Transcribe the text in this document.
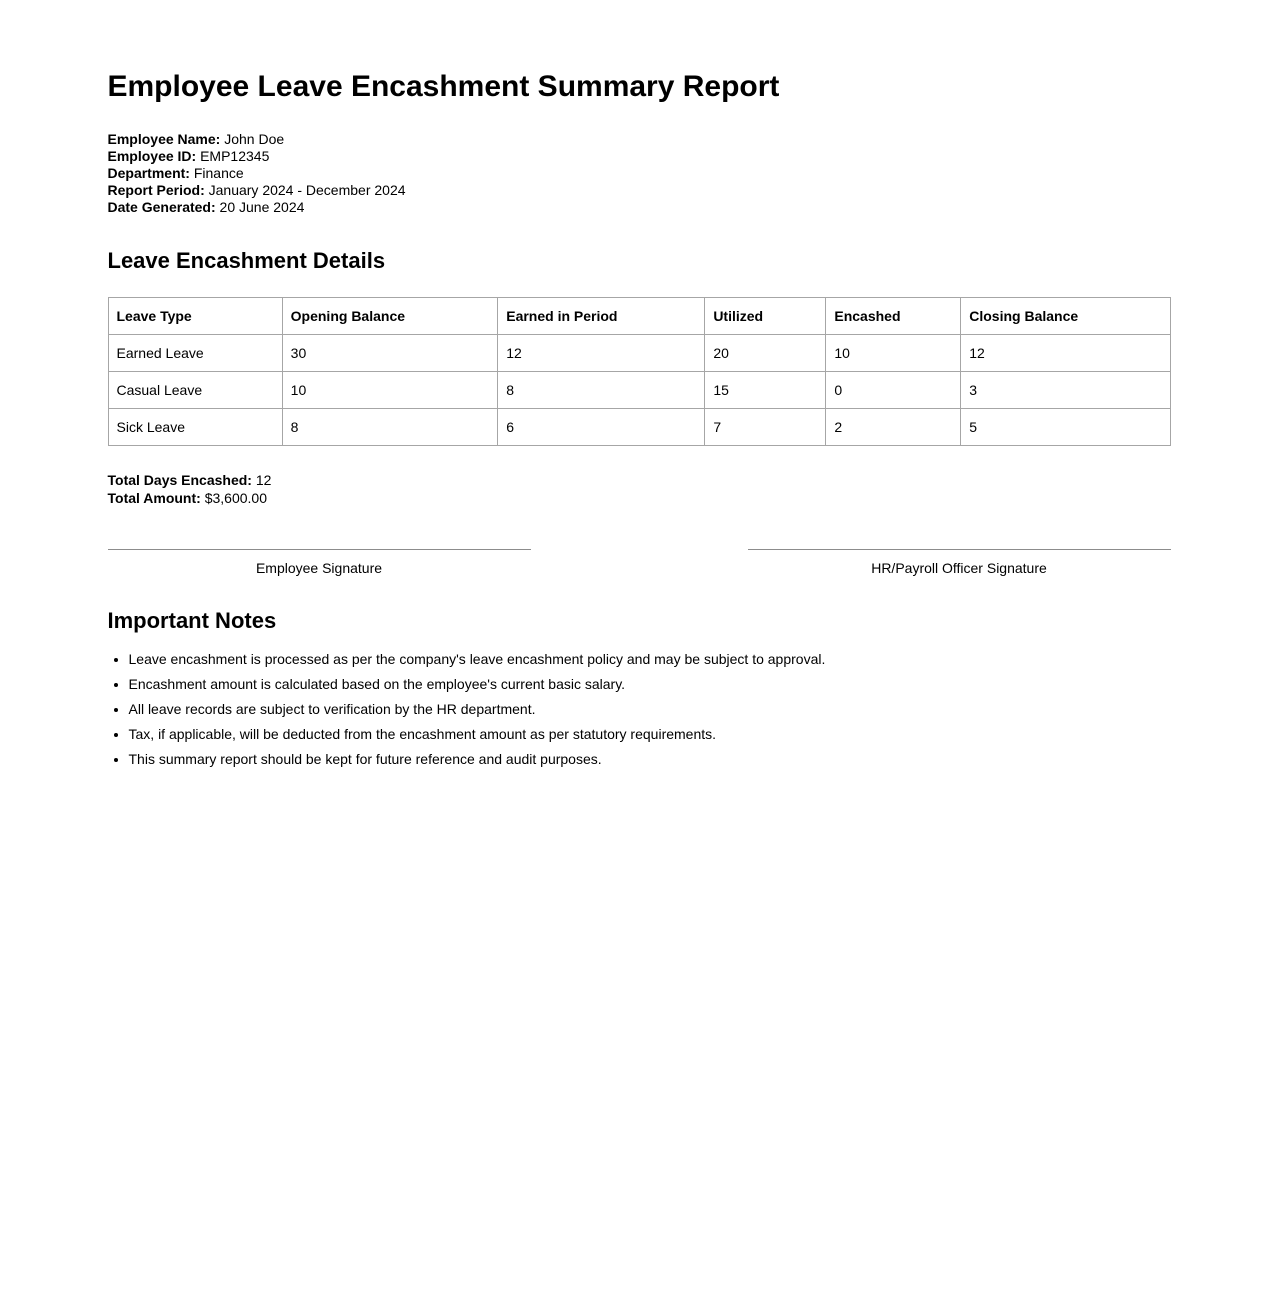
Employee Leave Encashment Summary Report
Employee Name: John Doe
Employee ID: EMP12345
Department: Finance
Report Period: January 2024 - December 2024
Date Generated: 20 June 2024
Leave Encashment Details
Leave Type	Opening Balance	Earned in Period	Utilized	Encashed	Closing Balance
Earned Leave	30	12	20	10	12
Casual Leave	10	8	15	0	3
Sick Leave	8	6	7	2	5
Total Days Encashed: 12
Total Amount: $3,600.00
Employee Signature	HR/Payroll Officer Signature
Important Notes
• Leave encashment is processed as per the company's leave encashment policy and may be subject to approval.
• Encashment amount is calculated based on the employee's current basic salary.
• All leave records are subject to verification by the HR department.
• Tax, if applicable, will be deducted from the encashment amount as per statutory requirements.
• This summary report should be kept for future reference and audit purposes.
